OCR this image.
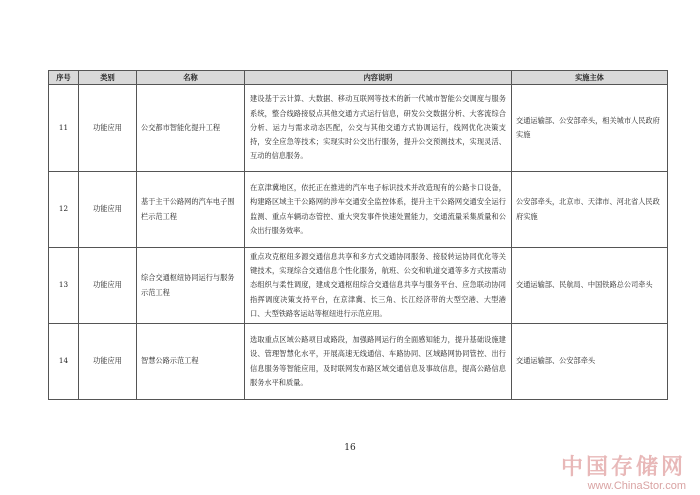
序号	类别	名称	内容说明	实施主体
11	功能应用	公交都市智能化提升工程	建设基于云计算、大数据、移动互联网等技术的新一代城市智能公交调度与服务系统，整合线路接驳点其他交通方式运行信息，研发公交数据分析、大客流综合分析、运力与需求动态匹配，公交与其他交通方式协调运行，线网优化决策支持，安全应急等技术；实现实时公交出行服务，提升公交预测技术，实现灵活、互动的信息服务。	交通运输部、公安部牵头，相关城市人民政府实施
12	功能应用	基于主干公路网的汽车电子围栏示范工程	在京津冀地区，依托正在推进的汽车电子标识技术并改造现有的公路卡口设备，构建路区域主干公路网的涉车交通安全监控体系，提升主干公路网交通安全运行监测、重点车辆动态管控、重大突发事件快速处置能力，交通流量采集质量和公众出行服务效率。	公安部牵头，北京市、天津市、河北省人民政府实施
13	功能应用	综合交通枢纽协同运行与服务示范工程	重点攻克枢纽多源交通信息共享和多方式交通协同服务、接驳转运协同优化等关键技术，实现综合交通信息个性化服务，航班、公交和轨道交通等多方式按需动态组织与柔性调度，建成交通枢纽综合交通信息共享与服务平台、应急联动协同指挥调度决策支持平台，在京津冀、长三角、长江经济带的大型空港、大型港口、大型铁路客运站等枢纽进行示范应用。	交通运输部、民航局、中国铁路总公司牵头
14	功能应用	智慧公路示范工程	选取重点区域公路项目或路段，加强路网运行的全面感知能力，提升基础设施建设、管理智慧化水平，开展高速无线通信、车路协同、区域路网协同管控、出行信息服务等智能应用，及时联网发布路区域交通信息及事故信息，提高公路信息服务水平和质量。	交通运输部、公安部牵头
16
中国存储网
www.ChinaStor.com
